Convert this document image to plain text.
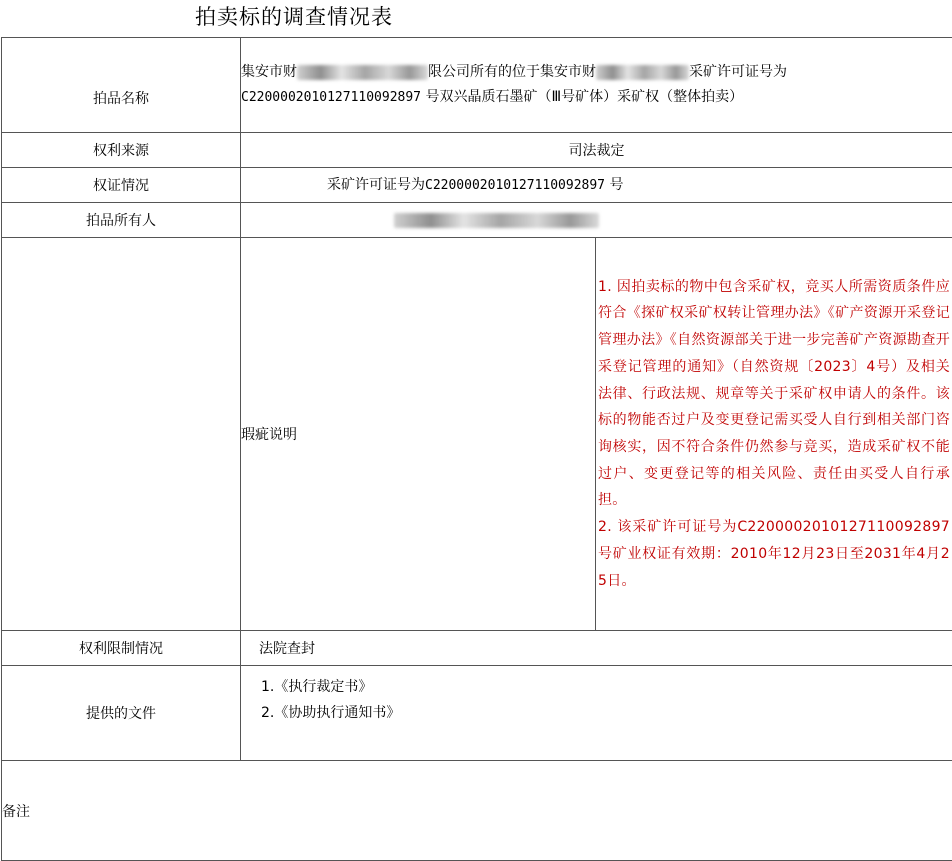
拍卖标的调查情况表
拍品名称	集安市财 限公司所有的位于集安市财 采矿许可证号为
C2200002010127110092897 号双兴晶质石墨矿（Ⅲ号矿体）采矿权（整体拍卖）	

权利来源	司法裁定	
权证情况	采矿许可证号为C2200002010127110092897 号	
拍品所有人		
	瑕疵说明	1. 因拍卖标的物中包含采矿权，竞买人所需资质条件应符合《探矿权采矿权转让管理办法》《矿产资源开采登记管理办法》《自然资源部关于进一步完善矿产资源勘查开采登记管理的通知》（自然资规〔2023〕4号）及相关法律、行政法规、规章等关于采矿权申请人的条件。该标的物能否过户及变更登记需买受人自行到相关部门咨询核实，因不符合条件仍然参与竞买，造成采矿权不能过户、变更登记等的相关风险、责任由买受人自行承担。
2. 该采矿许可证号为C2200002010127110092897号矿业权证有效期：2010年12月23日至2031年4月25日。

权利限制情况	法院查封	
提供的文件	1.《执行裁定书》
2.《协助执行通知书》	

备注		
